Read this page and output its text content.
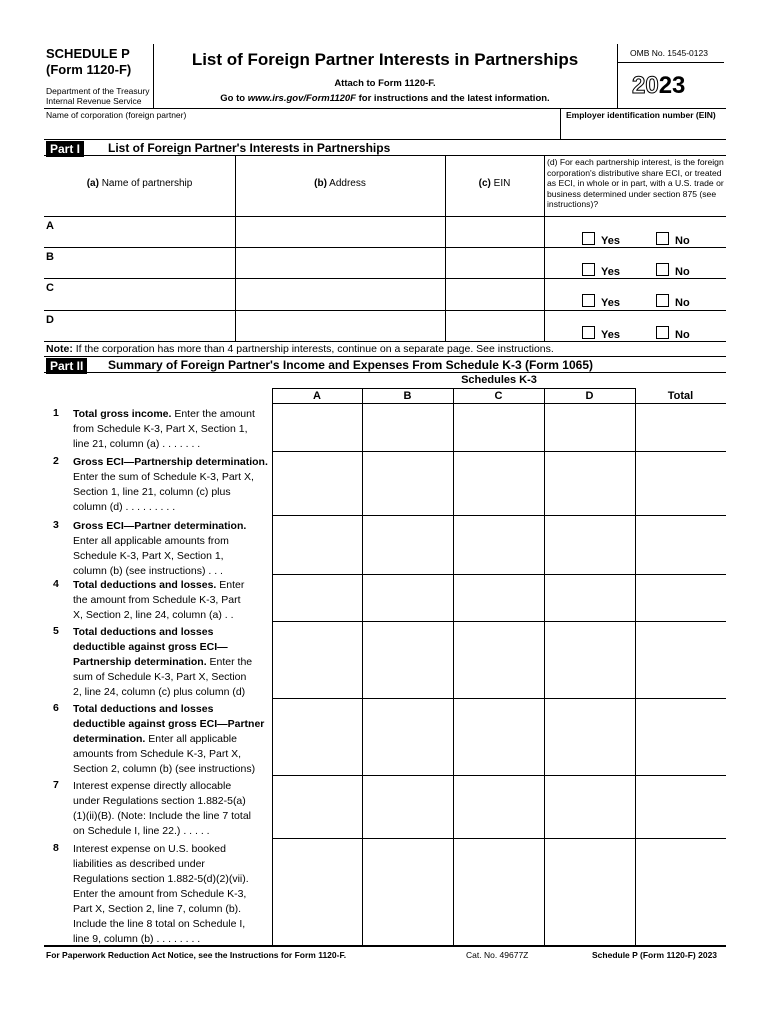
SCHEDULE P
(Form 1120-F)
Department of the Treasury
Internal Revenue Service
List of Foreign Partner Interests in Partnerships
Attach to Form 1120-F.
Go to www.irs.gov/Form1120F for instructions and the latest information.
OMB No. 1545-0123
2023
Name of corporation (foreign partner)	Employer identification number (EIN)
Part I	List of Foreign Partner's Interests in Partnerships
(a) Name of partnership	(b) Address	(c) EIN
(d) For each partnership interest, is the foreign corporation's distributive share ECI, or treated as ECI, in whole or in part, with a U.S. trade or business determined under section 875 (see instructions)?
A
Yes	No
B
Yes	No
C
Yes	No
D
Yes	No
Note: If the corporation has more than 4 partnership interests, continue on a separate page. See instructions.
Part II	Summary of Foreign Partner's Income and Expenses From Schedule K-3 (Form 1065)
Schedules K-3
A	B	C	D	Total
1 Total gross income. Enter the amount
from Schedule K-3, Part X, Section 1,
line 21, column (a) . . . . . . .
2 Gross ECI—Partnership determination.
Enter the sum of Schedule K-3, Part X,
Section 1, line 21, column (c) plus
column (d) . . . . . . . . .
3 Gross ECI—Partner determination.
Enter all applicable amounts from
Schedule K-3, Part X, Section 1,
column (b) (see instructions) . . .
4 Total deductions and losses. Enter
the amount from Schedule K-3, Part
X, Section 2, line 24, column (a) . .
5 Total deductions and losses
deductible against gross ECI—
Partnership determination. Enter the
sum of Schedule K-3, Part X, Section
2, line 24, column (c) plus column (d)
6 Total deductions and losses
deductible against gross ECI—Partner
determination. Enter all applicable
amounts from Schedule K-3, Part X,
Section 2, column (b) (see instructions)
7 Interest expense directly allocable
under Regulations section 1.882-5(a)
(1)(ii)(B). (Note: Include the line 7 total
on Schedule I, line 22.) . . . . .
8 Interest expense on U.S. booked
liabilities as described under
Regulations section 1.882-5(d)(2)(vii).
Enter the amount from Schedule K-3,
Part X, Section 2, line 7, column (b).
Include the line 8 total on Schedule I,
line 9, column (b) . . . . . . . .
For Paperwork Reduction Act Notice, see the Instructions for Form 1120-F.	Cat. No. 49677Z	Schedule P (Form 1120-F) 2023
